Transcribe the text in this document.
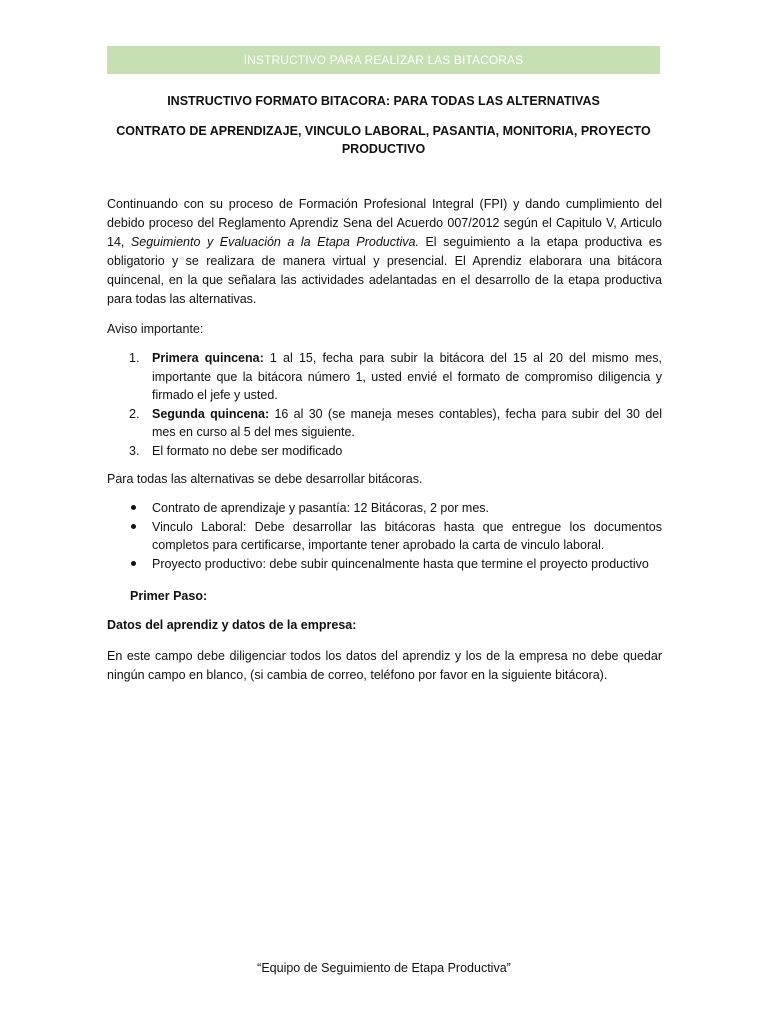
INSTRUCTIVO PARA REALIZAR LAS BITACORAS
INSTRUCTIVO FORMATO BITACORA: PARA TODAS LAS ALTERNATIVAS
CONTRATO DE APRENDIZAJE, VINCULO LABORAL, PASANTIA, MONITORIA, PROYECTO PRODUCTIVO
Continuando con su proceso de Formación Profesional Integral (FPI) y dando cumplimiento del debido proceso del Reglamento Aprendiz Sena del Acuerdo 007/2012 según el Capitulo V, Articulo 14, Seguimiento y Evaluación a la Etapa Productiva. El seguimiento a la etapa productiva es obligatorio y se realizara de manera virtual y presencial. El Aprendiz elaborara una bitácora quincenal, en la que señalara las actividades adelantadas en el desarrollo de la etapa productiva para todas las alternativas.
Aviso importante:
1. Primera quincena: 1 al 15, fecha para subir la bitácora del 15 al 20 del mismo mes, importante que la bitácora número 1, usted envié el formato de compromiso diligencia y firmado el jefe y usted.
2. Segunda quincena: 16 al 30 (se maneja meses contables), fecha para subir del 30 del mes en curso al 5 del mes siguiente.
3. El formato no debe ser modificado
Para todas las alternativas se debe desarrollar bitácoras.
Contrato de aprendizaje y pasantía: 12 Bitácoras, 2 por mes.
Vinculo Laboral: Debe desarrollar las bitácoras hasta que entregue los documentos completos para certificarse, importante tener aprobado la carta de vinculo laboral.
Proyecto productivo: debe subir quincenalmente hasta que termine el proyecto productivo
Primer Paso:
Datos del aprendiz y datos de la empresa:
En este campo debe diligenciar todos los datos del aprendiz y los de la empresa no debe quedar ningún campo en blanco, (si cambia de correo, teléfono por favor en la siguiente bitácora).
“Equipo de Seguimiento de Etapa Productiva”
